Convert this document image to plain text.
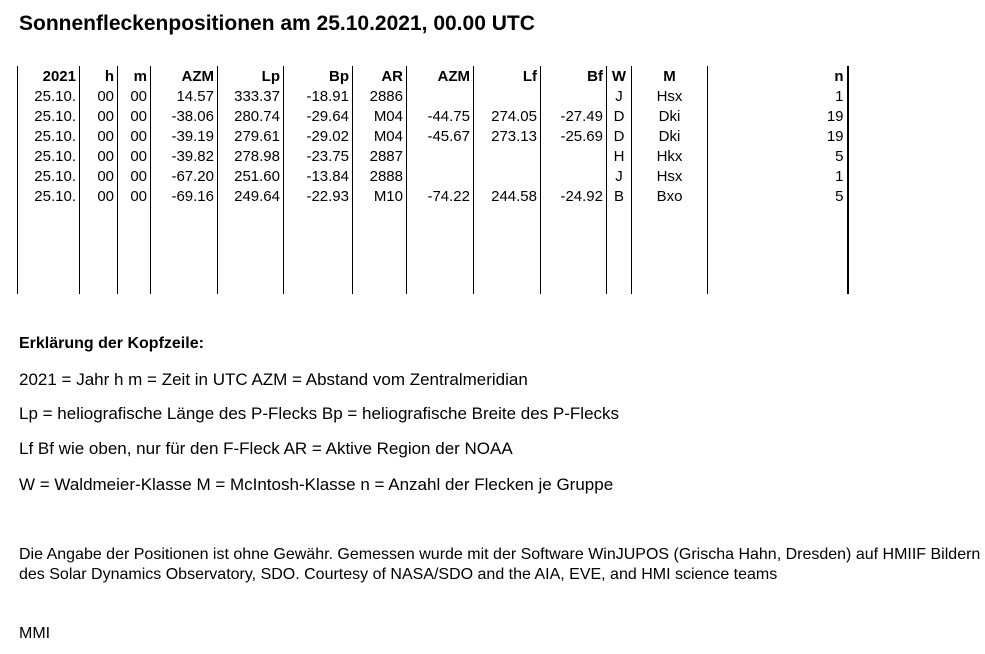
Sonnenfleckenpositionen am 25.10.2021, 00.00 UTC
2021	h	m	AZM	Lp	Bp	AR	AZM	Lf	Bf	W	M	n
25.10.	00	00	14.57	333.37	-18.91	2886				J	Hsx	1
25.10.	00	00	-38.06	280.74	-29.64	M04	-44.75	274.05	-27.49	D	Dki	19
25.10.	00	00	-39.19	279.61	-29.02	M04	-45.67	273.13	-25.69	D	Dki	19
25.10.	00	00	-39.82	278.98	-23.75	2887				H	Hkx	5
25.10.	00	00	-67.20	251.60	-13.84	2888				J	Hsx	1
25.10.	00	00	-69.16	249.64	-22.93	M10	-74.22	244.58	-24.92	B	Bxo	5

Erklärung der Kopfzeile:

2021 = Jahr h m = Zeit in UTC AZM = Abstand vom Zentralmeridian

Lp = heliografische Länge des P-Flecks Bp = heliografische Breite des P-Flecks

Lf Bf wie oben, nur für den F-Fleck AR = Aktive Region der NOAA

W = Waldmeier-Klasse M = McIntosh-Klasse n = Anzahl der Flecken je Gruppe

Die Angabe der Positionen ist ohne Gewähr. Gemessen wurde mit der Software WinJUPOS (Grischa Hahn, Dresden) auf HMIIF Bildern des Solar Dynamics Observatory, SDO. Courtesy of NASA/SDO and the AIA, EVE, and HMI science teams

MMI
